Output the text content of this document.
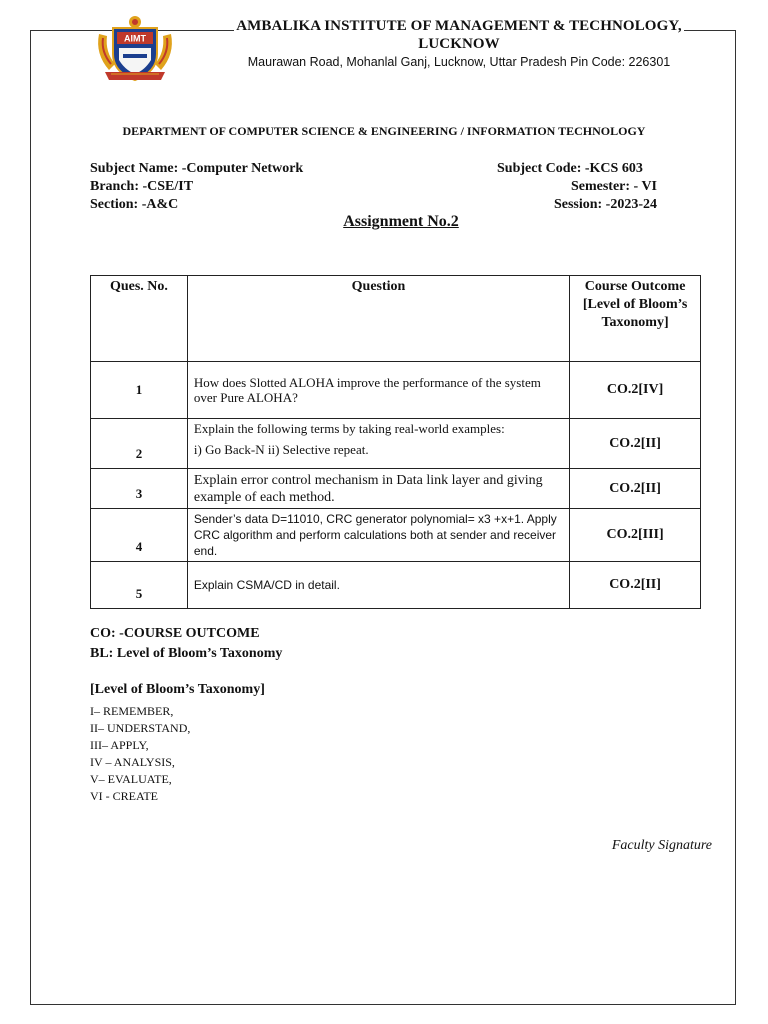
AIMT
AMBALIKA INSTITUTE OF MANAGEMENT & TECHNOLOGY,
LUCKNOW
Maurawan Road, Mohanlal Ganj, Lucknow, Uttar Pradesh Pin Code: 226301
DEPARTMENT OF COMPUTER SCIENCE & ENGINEERING / INFORMATION TECHNOLOGY
Subject Name: -Computer Network
Branch: -CSE/IT
Section: -A&C
Subject Code: -KCS 603
Semester: - VI
Session: -2023-24
Assignment No.2
Ques. No.	Question	Course Outcome
[Level of Bloom’s
Taxonomy]

1	How does Slotted ALOHA improve the performance of the system over Pure ALOHA?	CO.2[IV]
2	Explain the following terms by taking real-world examples:
i) Go Back-N ii) Selective repeat.	CO.2[II]
3	Explain error control mechanism in Data link layer and giving example of each method.	CO.2[II]
4	Sender’s data D=11010, CRC generator polynomial= x3 +x+1. Apply CRC algorithm and perform calculations both at sender and receiver end.	CO.2[III]
5	Explain CSMA/CD in detail.	CO.2[II]
CO: -COURSE OUTCOME
BL: Level of Bloom’s Taxonomy
[Level of Bloom’s Taxonomy]
I– REMEMBER,
II– UNDERSTAND,
III– APPLY,
IV – ANALYSIS,
V– EVALUATE,
VI - CREATE
Faculty Signature
